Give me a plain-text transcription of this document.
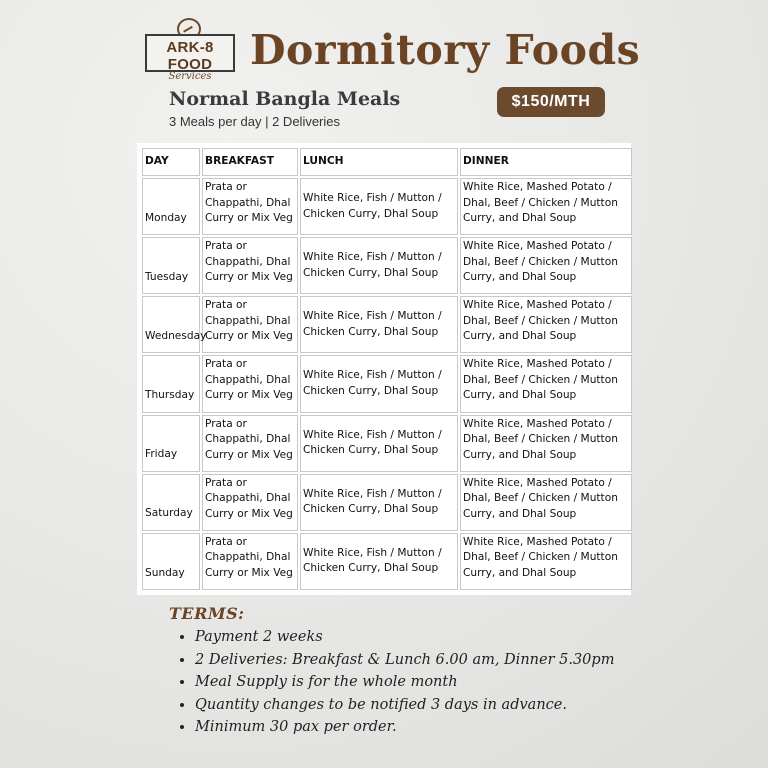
ARK-8 FOOD
Services
Dormitory Foods
Normal Bangla Meals
3 Meals per day | 2 Deliveries
$150/MTH
DAY	BREAKFAST	LUNCH	DINNER
Monday	Prata or Chappathi, Dhal Curry or Mix Veg	White Rice, Fish / Mutton / Chicken Curry, Dhal Soup	White Rice, Mashed Potato / Dhal, Beef / Chicken / Mutton Curry, and Dhal Soup
Tuesday	Prata or Chappathi, Dhal Curry or Mix Veg	White Rice, Fish / Mutton / Chicken Curry, Dhal Soup	White Rice, Mashed Potato / Dhal, Beef / Chicken / Mutton Curry, and Dhal Soup
Wednesday	Prata or Chappathi, Dhal Curry or Mix Veg	White Rice, Fish / Mutton / Chicken Curry, Dhal Soup	White Rice, Mashed Potato / Dhal, Beef / Chicken / Mutton Curry, and Dhal Soup
Thursday	Prata or Chappathi, Dhal Curry or Mix Veg	White Rice, Fish / Mutton / Chicken Curry, Dhal Soup	White Rice, Mashed Potato / Dhal, Beef / Chicken / Mutton Curry, and Dhal Soup
Friday	Prata or Chappathi, Dhal Curry or Mix Veg	White Rice, Fish / Mutton / Chicken Curry, Dhal Soup	White Rice, Mashed Potato / Dhal, Beef / Chicken / Mutton Curry, and Dhal Soup
Saturday	Prata or Chappathi, Dhal Curry or Mix Veg	White Rice, Fish / Mutton / Chicken Curry, Dhal Soup	White Rice, Mashed Potato / Dhal, Beef / Chicken / Mutton Curry, and Dhal Soup
Sunday	Prata or Chappathi, Dhal Curry or Mix Veg	White Rice, Fish / Mutton / Chicken Curry, Dhal Soup	White Rice, Mashed Potato / Dhal, Beef / Chicken / Mutton Curry, and Dhal Soup
TERMS:
• Payment 2 weeks
• 2 Deliveries: Breakfast & Lunch 6.00 am, Dinner 5.30pm
• Meal Supply is for the whole month
• Quantity changes to be notified 3 days in advance.
• Minimum 30 pax per order.
